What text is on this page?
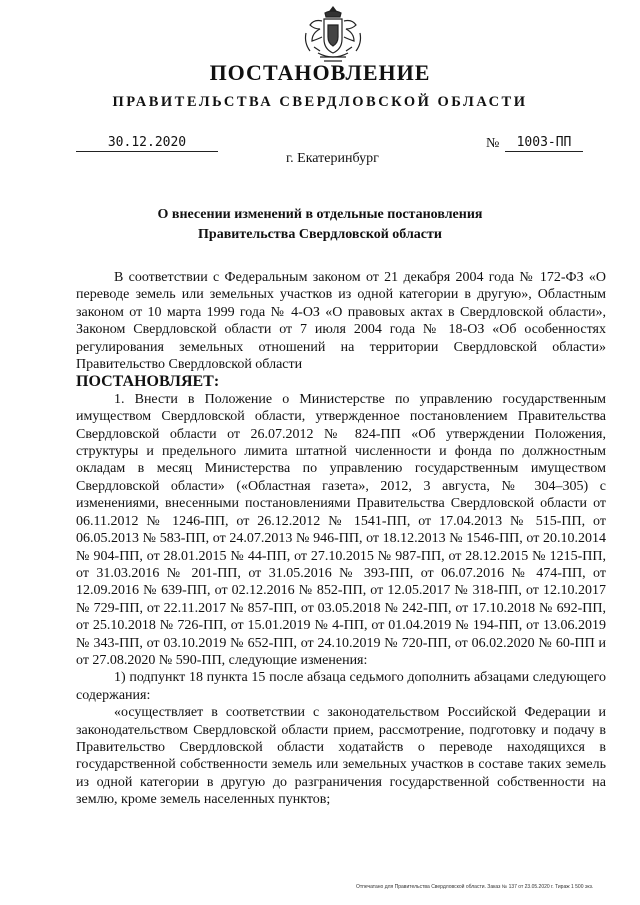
ПОСТАНОВЛЕНИЕ
ПРАВИТЕЛЬСТВА СВЕРДЛОВСКОЙ ОБЛАСТИ
30.12.2020	№	1003-ПП
г. Екатеринбург
О внесении изменений в отдельные постановления
Правительства Свердловской области

В соответствии с Федеральным законом от 21 декабря 2004 года № 172-ФЗ «О переводе земель или земельных участков из одной категории в другую», Областным законом от 10 марта 1999 года № 4-ОЗ «О правовых актах в Свердловской области», Законом Свердловской области от 7 июля 2004 года № 18-ОЗ «Об особенностях регулирования земельных отношений на территории Свердловской области» Правительство Свердловской области

ПОСТАНОВЛЯЕТ:

1. Внести в Положение о Министерстве по управлению государственным имуществом Свердловской области, утвержденное постановлением Правительства Свердловской области от 26.07.2012 № 824-ПП «Об утверждении Положения, структуры и предельного лимита штатной численности и фонда по должностным окладам в месяц Министерства по управлению государственным имуществом Свердловской области» («Областная газета», 2012, 3 августа, № 304–305) с изменениями, внесенными постановлениями Правительства Свердловской области от 06.11.2012 № 1246-ПП, от 26.12.2012 № 1541-ПП, от 17.04.2013 № 515-ПП, от 06.05.2013 № 583-ПП, от 24.07.2013 № 946-ПП, от 18.12.2013 № 1546-ПП, от 20.10.2014 № 904-ПП, от 28.01.2015 № 44-ПП, от 27.10.2015 № 987-ПП, от 28.12.2015 № 1215-ПП, от 31.03.2016 № 201-ПП, от 31.05.2016 № 393-ПП, от 06.07.2016 № 474-ПП, от 12.09.2016 № 639-ПП, от 02.12.2016 № 852-ПП, от 12.05.2017 № 318-ПП, от 12.10.2017 № 729-ПП, от 22.11.2017 № 857-ПП, от 03.05.2018 № 242-ПП, от 17.10.2018 № 692-ПП, от 25.10.2018 № 726-ПП, от 15.01.2019 № 4-ПП, от 01.04.2019 № 194-ПП, от 13.06.2019 № 343-ПП, от 03.10.2019 № 652-ПП, от 24.10.2019 № 720-ПП, от 06.02.2020 № 60-ПП и от 27.08.2020 № 590-ПП, следующие изменения:

1) подпункт 18 пункта 15 после абзаца седьмого дополнить абзацами следующего содержания:

«осуществляет в соответствии с законодательством Российской Федерации и законодательством Свердловской области прием, рассмотрение, подготовку и подачу в Правительство Свердловской области ходатайств о переводе находящихся в государственной собственности земель или земельных участков в составе таких земель из одной категории в другую до разграничения государственной собственности на землю, кроме земель населенных пунктов;

Отпечатано для Правительства Свердловской области. Заказ № 137 от 23.05.2020 г. Тираж 1 500 экз.
